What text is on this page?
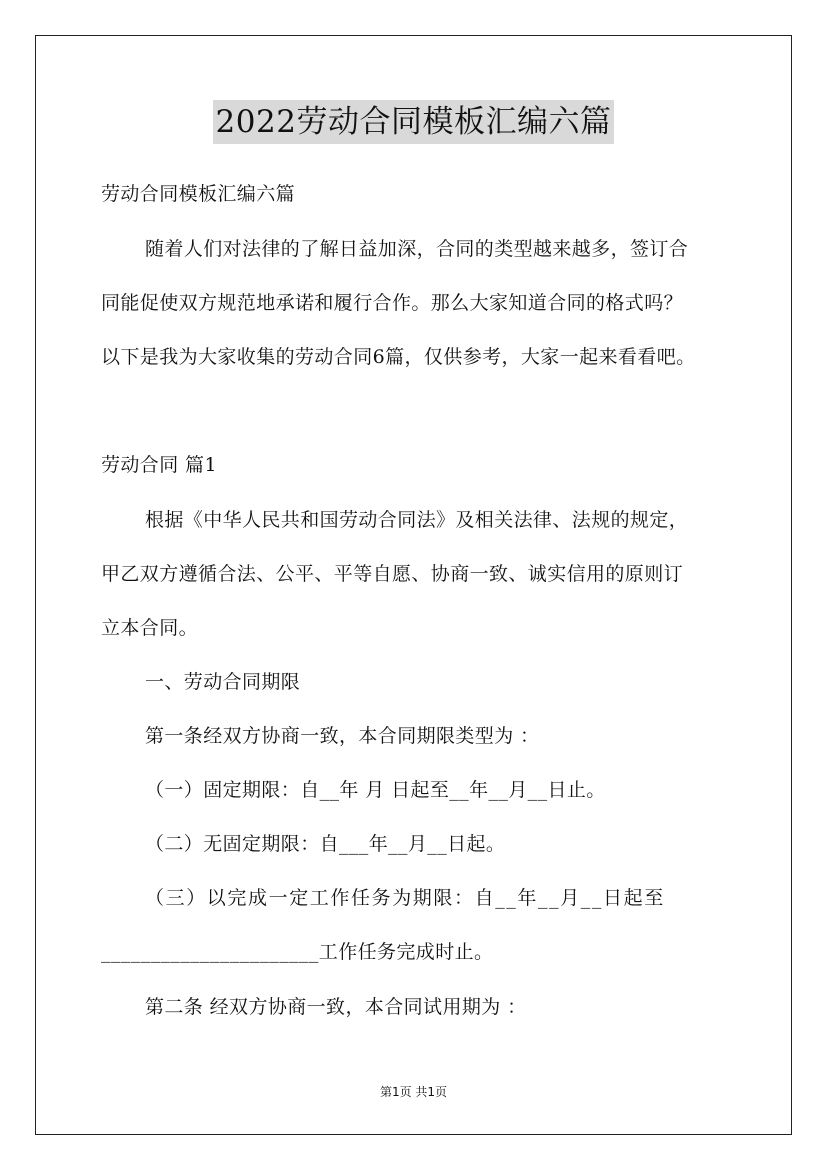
2022劳动合同模板汇编六篇
劳动合同模板汇编六篇
随着人们对法律的了解日益加深，合同的类型越来越多，签订合
同能促使双方规范地承诺和履行合作。那么大家知道合同的格式吗？
以下是我为大家收集的劳动合同6篇，仅供参考，大家一起来看看吧。
劳动合同 篇1
根据《中华人民共和国劳动合同法》及相关法律、法规的规定，
甲乙双方遵循合法、公平、平等自愿、协商一致、诚实信用的原则订
立本合同。
一、劳动合同期限
第一条经双方协商一致，本合同期限类型为 ：
（一）固定期限：自__年 月 日起至__年__月__日止。
（二）无固定期限：自___年__月__日起。
（三）以完成一定工作任务为期限：自__年__月__日起至
______________________工作任务完成时止。
第二条 经双方协商一致，本合同试用期为 ：
第1页 共1页
